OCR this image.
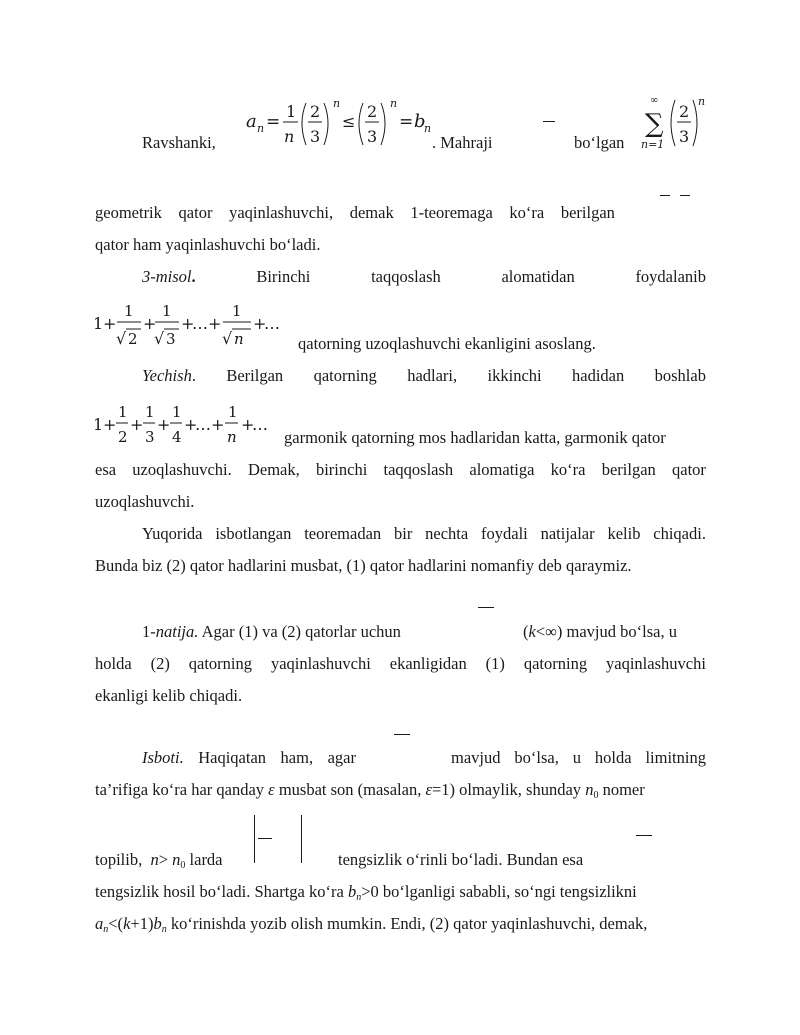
Ravshanki,
a n =
1
n
2
3
n
≤
2
3
n
= b
n
. Mahraji	bo‘lgan
∞
∑
n=1
2
3
n
geometrik qator yaqinlashuvchi, demak 1-teoremaga ko‘ra berilgan
qator ham yaqinlashuvchi bo‘ladi.
3-misol.	Birinchi	taqqoslash	alomatidan	foydalanib
1 +
1
√ 2
+
1
√ 3
+
… +
1
√ n
+
…
qatorning uzoqlashuvchi ekanligini asoslang.
Yechish. Berilgan qatorning hadlari, ikkinchi hadidan boshlab
1 +
1
2
+
1
3
+
1
4
+
… +
1
n
+
…
garmonik qatorning mos hadlaridan katta, garmonik qator
esa uzoqlashuvchi. Demak, birinchi taqqoslash alomatiga ko‘ra berilgan qator
uzoqlashuvchi.
Yuqorida isbotlangan teoremadan bir nechta foydali natijalar kelib chiqadi.
Bunda biz (2) qator hadlarini musbat, (1) qator hadlarini nomanfiy deb qaraymiz.
1-natija. Agar (1) va (2) qatorlar uchun	(k<∞) mavjud bo‘lsa, u
holda (2) qatorning yaqinlashuvchi ekanligidan (1) qatorning yaqinlashuvchi
ekanligi kelib chiqadi.
Isboti. Haqiqatan ham, agar	mavjud bo‘lsa, u holda limitning
ta’rifiga ko‘ra har qanday ε musbat son (masalan, ε=1) olmaylik, shunday $n_0$ nomer
topilib, $n> n_0$ larda	tengsizlik o‘rinli bo‘ladi. Bundan esa
tengsizlik hosil bo‘ladi. Shartga ko‘ra $b_n>0$ bo‘lganligi sababli, so‘ngi tengsizlikni
$a_n<(k+1)b_n$ ko‘rinishda yozib olish mumkin. Endi, (2) qator yaqinlashuvchi, demak,
